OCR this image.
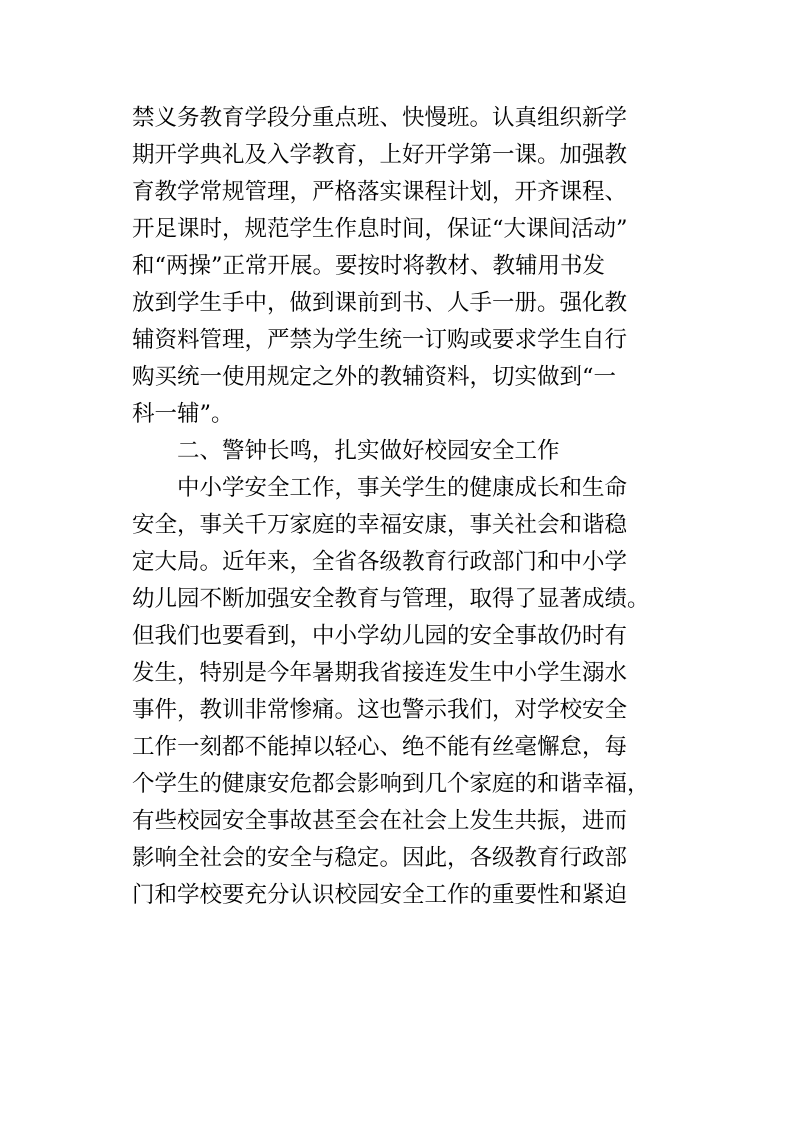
禁义务教育学段分重点班、快慢班。认真组织新学
期开学典礼及入学教育，上好开学第一课。加强教
育教学常规管理，严格落实课程计划，开齐课程、
开足课时，规范学生作息时间，保证“大课间活动”
和“两操”正常开展。要按时将教材、教辅用书发
放到学生手中，做到课前到书、人手一册。强化教
辅资料管理，严禁为学生统一订购或要求学生自行
购买统一使用规定之外的教辅资料，切实做到“一
科一辅”。
二、警钟长鸣，扎实做好校园安全工作
中小学安全工作，事关学生的健康成长和生命
安全，事关千万家庭的幸福安康，事关社会和谐稳
定大局。近年来，全省各级教育行政部门和中小学
幼儿园不断加强安全教育与管理，取得了显著成绩。
但我们也要看到，中小学幼儿园的安全事故仍时有
发生，特别是今年暑期我省接连发生中小学生溺水
事件，教训非常惨痛。这也警示我们，对学校安全
工作一刻都不能掉以轻心、绝不能有丝毫懈怠，每
个学生的健康安危都会影响到几个家庭的和谐幸福，
有些校园安全事故甚至会在社会上发生共振，进而
影响全社会的安全与稳定。因此，各级教育行政部
门和学校要充分认识校园安全工作的重要性和紧迫
